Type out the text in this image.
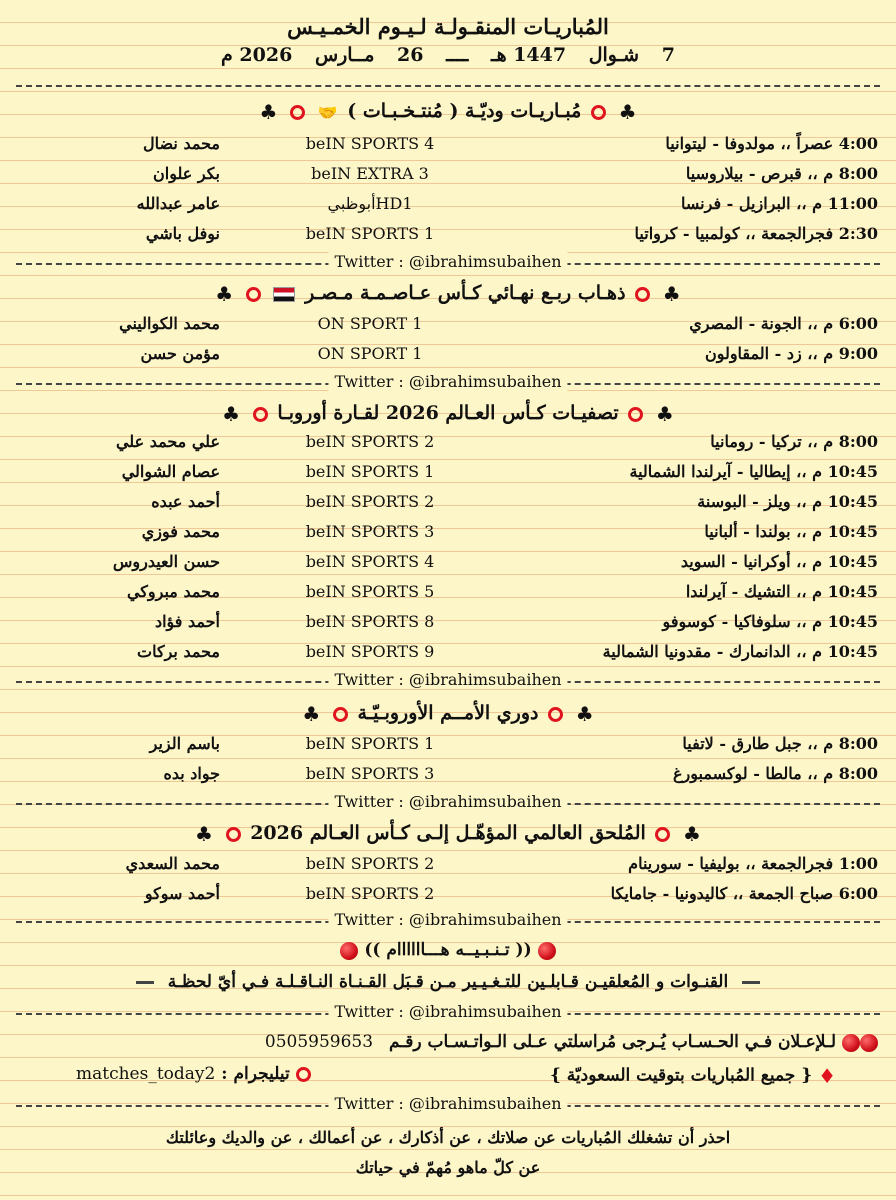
المُباريـات المنقـولـة لـيـوم الخمـيـس
7 شـوال 1447 هـ ــــ 26 مــارس 2026 م
♣  مُبـاريـات وديّـة ( مُنتـخـبـات ) 🤝  ♣
4:00 عصراً ،، مولدوفا - ليتوانيا
beIN SPORTS 4
محمد نضال
8:00 م ،، قبرص - بيلاروسيا
beIN EXTRA 3
بكر علوان
11:00 م ،، البرازيل - فرنسا
أبوظبيHD1
عامر عبدالله
2:30 فجرالجمعة ،، كولمبيا - كرواتيا
beIN SPORTS 1
نوفل باشي
Twitter : @ibrahimsubaihen
♣  ذهـاب ربـع نهـائي كـأس عـاصـمـة مـصـر   ♣
6:00 م ،، الجونة - المصري
ON SPORT 1
محمد الكواليني
9:00 م ،، زد - المقاولون
ON SPORT 1
مؤمن حسن
Twitter : @ibrahimsubaihen
♣  تصفيـات كـأس العـالم 2026 لقـارة أوروبـا  ♣
8:00 م ،، تركيا - رومانيا
beIN SPORTS 2
علي محمد علي
10:45 م ،، إيطاليا - آيرلندا الشمالية
beIN SPORTS 1
عصام الشوالي
10:45 م ،، ويلز - البوسنة
beIN SPORTS 2
أحمد عبده
10:45 م ،، بولندا - ألبانيا
beIN SPORTS 3
محمد فوزي
10:45 م ،، أوكرانيا - السويد
beIN SPORTS 4
حسن العيدروس
10:45 م ،، التشيك - آيرلندا
beIN SPORTS 5
محمد مبروكي
10:45 م ،، سلوفاكيا - كوسوفو
beIN SPORTS 8
أحمد فؤاد
10:45 م ،، الدانمارك - مقدونيا الشمالية
beIN SPORTS 9
محمد بركات
Twitter : @ibrahimsubaihen
♣  دوري الأمــم الأوروبـيّـة  ♣
8:00 م ،، جبل طارق - لاتفيا
beIN SPORTS 1
باسم الزير
8:00 م ،، مالطا - لوكسمبورغ
beIN SPORTS 3
جواد بده
Twitter : @ibrahimsubaihen
♣  المُلحق العالمي المؤهّـل إلـى كـأس العـالم 2026  ♣
1:00 فجرالجمعة ،، بوليفيا - سورينام
beIN SPORTS 2
محمد السعدي
6:00 صباح الجمعة ،، كاليدونيا - جامايكا
beIN SPORTS 2
أحمد سوكو
Twitter : @ibrahimsubaihen
(( تـنـبـيــه هـــاااااام ))
القنـوات و المُعلقيـن قـابلـين للتـغـيـير مـن قـبَل القـنـاة النـاقـلـة فـي أيّ لحظـة
Twitter : @ibrahimsubaihen
لـلإعـلان فـي الحـسـاب يُـرجى مُراسلتي عـلى الـواتـسـاب رقـم 0505959653
♦ { جميع المُباريات بتوقيت السعوديّة }
تيليجرام : matches_today2
Twitter : @ibrahimsubaihen
احذر أن تشغلك المُباريات عن صلاتك ، عن أذكارك ، عن أعمالك ، عن والديك وعائلتك
عن كلّ ماهو مُهمّ في حياتك
